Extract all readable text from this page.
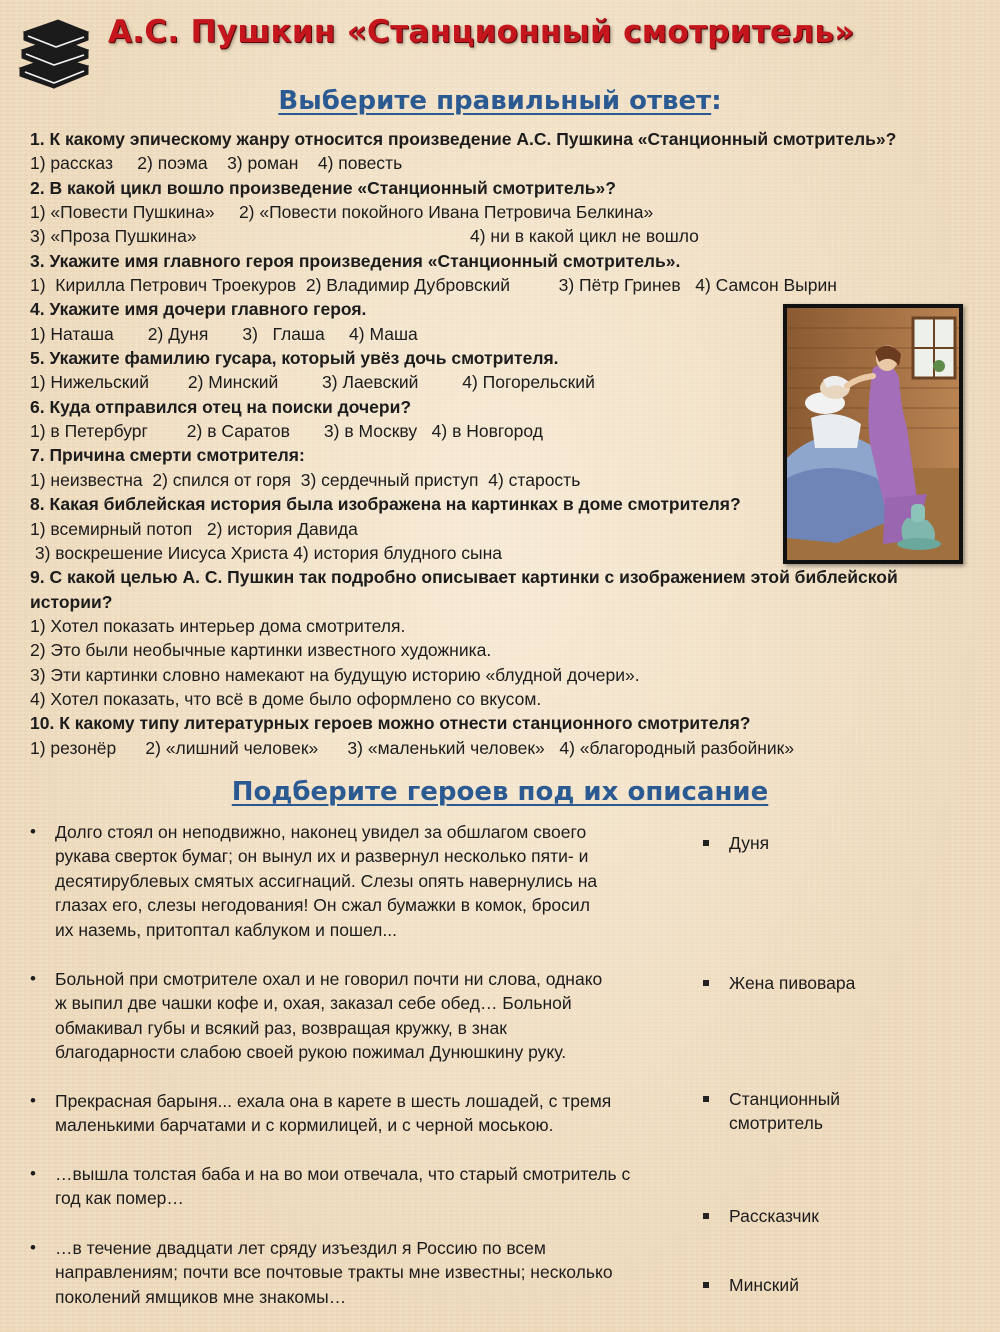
А.С. Пушкин «Станционный смотритель»
Выберите правильный ответ:
1. К какому эпическому жанру относится произведение А.С. Пушкина «Станционный смотритель»?
1) рассказ     2) поэма    3) роман    4) повесть
2. В какой цикл вошло произведение «Станционный смотритель»?
1) «Повести Пушкина»     2) «Повести покойного Ивана Петровича Белкина»
3) «Проза Пушкина»	4) ни в какой цикл не вошло
3. Укажите имя главного героя произведения «Станционный смотритель».
1)  Кирилла Петрович Троекуров  2) Владимир Дубровский          3) Пётр Гринев   4) Самсон Вырин
4. Укажите имя дочери главного героя.
1) Наташа       2) Дуня       3)   Глаша     4) Маша
5. Укажите фамилию гусара, который увёз дочь смотрителя.
1) Нижельский        2) Минский         3) Лаевский         4) Погорельский
6. Куда отправился отец на поиски дочери?
1) в Петербург        2) в Саратов       3) в Москву   4) в Новгород
7. Причина смерти смотрителя:
1) неизвестна  2) спился от горя  3) сердечный приступ  4) старость
8. Какая библейская история была изображена на картинках в доме смотрителя?
1) всемирный потоп   2) история Давида
3) воскрешение Иисуса Христа 4) история блудного сына
9. С какой целью А. С. Пушкин так подробно описывает картинки с изображением этой библейской
истории?
1) Хотел показать интерьер дома смотрителя.
2) Это были необычные картинки известного художника.
3) Эти картинки словно намекают на будущую историю «блудной дочери».
4) Хотел показать, что всё в доме было оформлено со вкусом.
10. К какому типу литературных героев можно отнести станционного смотрителя?
1) резонёр      2) «лишний человек»      3) «маленький человек»   4) «благородный разбойник»
Подберите героев под их описание
• Долго стоял он неподвижно, наконец увидел за обшлагом своего
рукава сверток бумаг; он вынул их и развернул несколько пяти- и
десятирублевых смятых ассигнаций. Слезы опять навернулись на
глазах его, слезы негодования! Он сжал бумажки в комок, бросил
их наземь, притоптал каблуком и пошел...
• Больной при смотрителе охал и не говорил почти ни слова, однако
ж выпил две чашки кофе и, охая, заказал себе обед… Больной
обмакивал губы и всякий раз, возвращая кружку, в знак
благодарности слабою своей рукою пожимал Дунюшкину руку.
• Прекрасная барыня... ехала она в карете в шесть лошадей, с тремя
маленькими барчатами и с кормилицей, и с черной моською.
• …вышла толстая баба и на во мои отвечала, что старый смотритель с
год как помер…
• …в течение двадцати лет сряду изъездил я Россию по всем
направлениям; почти все почтовые тракты мне известны; несколько
поколений ямщиков мне знакомы…
Дуня
Жена пивовара
Станционный
смотритель
Рассказчик
Минский
